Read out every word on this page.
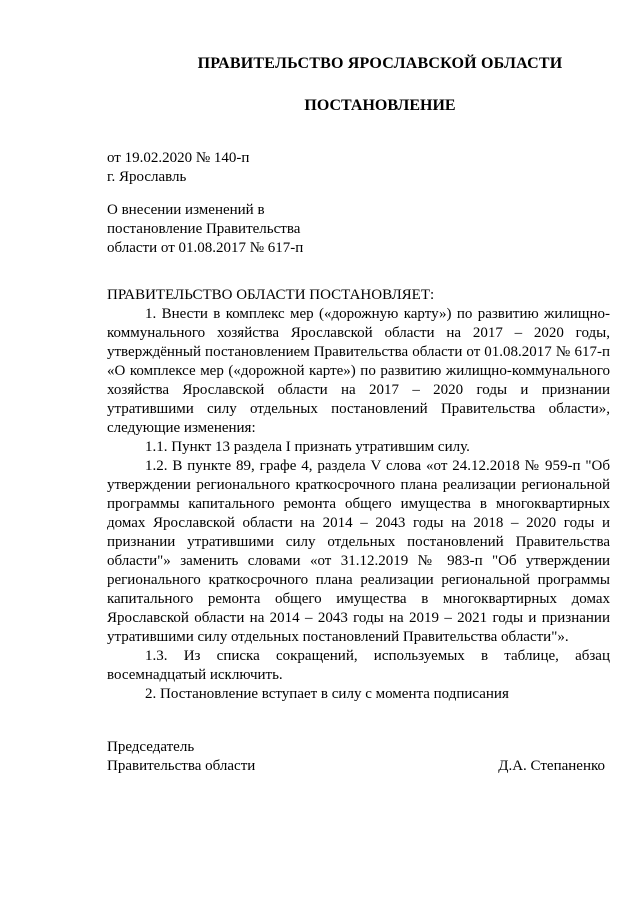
ПРАВИТЕЛЬСТВО ЯРОСЛАВСКОЙ ОБЛАСТИ
ПОСТАНОВЛЕНИЕ
от 19.02.2020 № 140-п
г. Ярославль
О внесении изменений в
постановление Правительства
области от 01.08.2017 № 617-п
ПРАВИТЕЛЬСТВО ОБЛАСТИ ПОСТАНОВЛЯЕТ:

1. Внести в комплекс мер («дорожную карту») по развитию жилищно-коммунального хозяйства Ярославской области на 2017 – 2020 годы, утверждённый постановлением Правительства области от 01.08.2017 № 617-п «О комплексе мер («дорожной карте») по развитию жилищно-коммунального хозяйства Ярославской области на 2017 – 2020 годы и признании утратившими силу отдельных постановлений Правительства области», следующие изменения:

1.1. Пункт 13 раздела I признать утратившим силу.

1.2. В пункте 89, графе 4, раздела V слова «от 24.12.2018 № 959-п "Об утверждении регионального краткосрочного плана реализации региональной программы капитального ремонта общего имущества в многоквартирных домах Ярославской области на 2014 – 2043 годы на 2018 – 2020 годы и признании утратившими силу отдельных постановлений Правительства области"» заменить словами «от 31.12.2019 № 983-п "Об утверждении регионального краткосрочного плана реализации региональной программы капитального ремонта общего имущества в многоквартирных домах Ярославской области на 2014 – 2043 годы на 2019 – 2021 годы и признании утратившими силу отдельных постановлений Правительства области"».

1.3. Из списка сокращений, используемых в таблице, абзац восемнадцатый исключить.

2. Постановление вступает в силу с момента подписания

Председатель
Правительства области	Д.А. Степаненко
